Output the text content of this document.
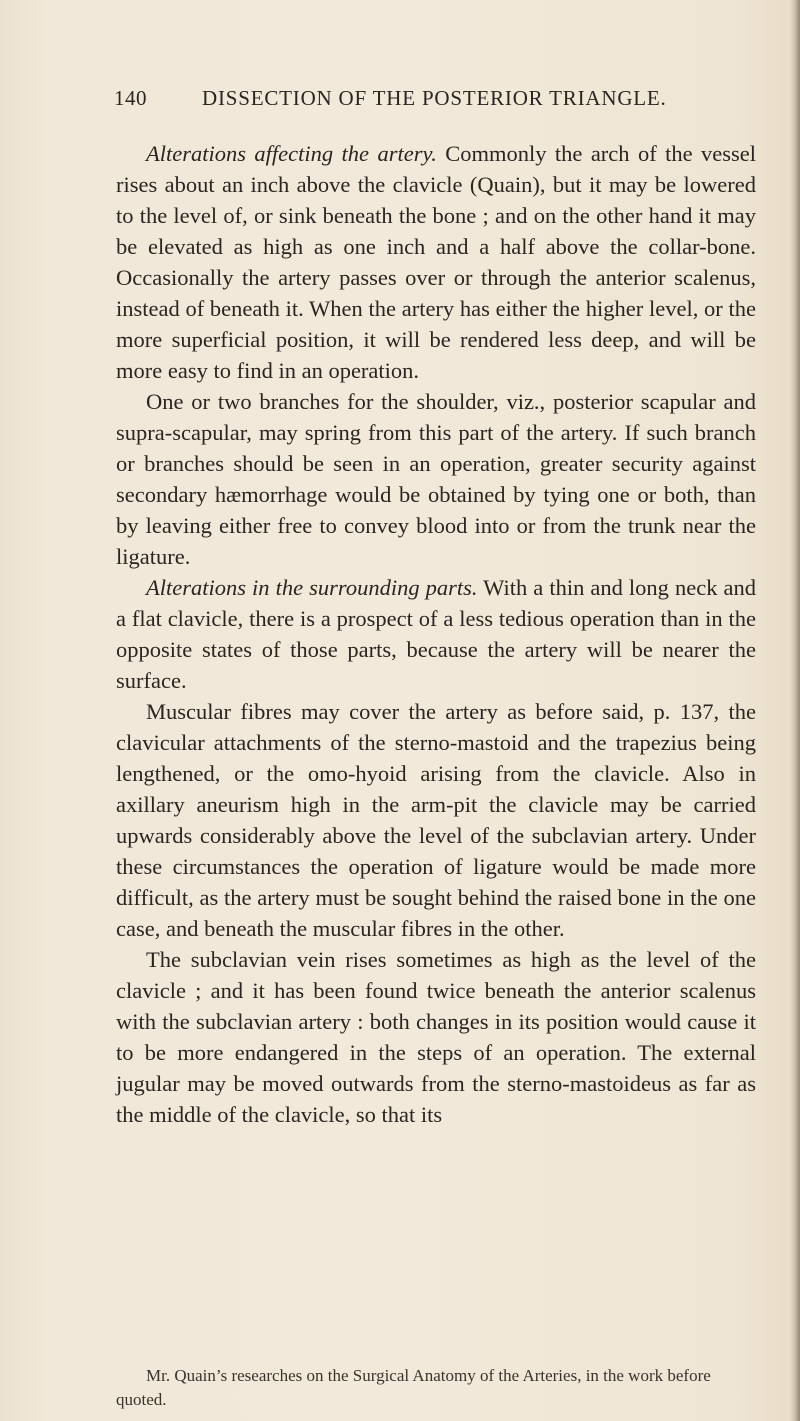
140	DISSECTION OF THE POSTERIOR TRIANGLE.

Alterations affecting the artery. Commonly the arch of the vessel rises about an inch above the clavicle (Quain), but it may be lowered to the level of, or sink beneath the bone ; and on the other hand it may be elevated as high as one inch and a half above the collar-bone. Occasionally the artery passes over or through the anterior scalenus, instead of beneath it. When the artery has either the higher level, or the more superficial position, it will be rendered less deep, and will be more easy to find in an operation.

One or two branches for the shoulder, viz., posterior scapular and supra-scapular, may spring from this part of the artery. If such branch or branches should be seen in an operation, greater security against secondary hæmorrhage would be obtained by tying one or both, than by leaving either free to convey blood into or from the trunk near the ligature.

Alterations in the surrounding parts. With a thin and long neck and a flat clavicle, there is a prospect of a less tedious operation than in the opposite states of those parts, because the artery will be nearer the surface.

Muscular fibres may cover the artery as before said, p. 137, the clavicular attachments of the sterno-mastoid and the trapezius being lengthened, or the omo-hyoid arising from the clavicle. Also in axillary aneurism high in the arm-pit the clavicle may be carried upwards considerably above the level of the subclavian artery. Under these circumstances the operation of ligature would be made more difficult, as the artery must be sought behind the raised bone in the one case, and beneath the muscular fibres in the other.

The subclavian vein rises sometimes as high as the level of the clavicle ; and it has been found twice beneath the anterior scalenus with the subclavian artery : both changes in its position would cause it to be more endangered in the steps of an operation. The external jugular may be moved outwards from the sterno-mastoideus as far as the middle of the clavicle, so that its

Mr. Quain’s researches on the Surgical Anatomy of the Arteries, in the work before quoted.
